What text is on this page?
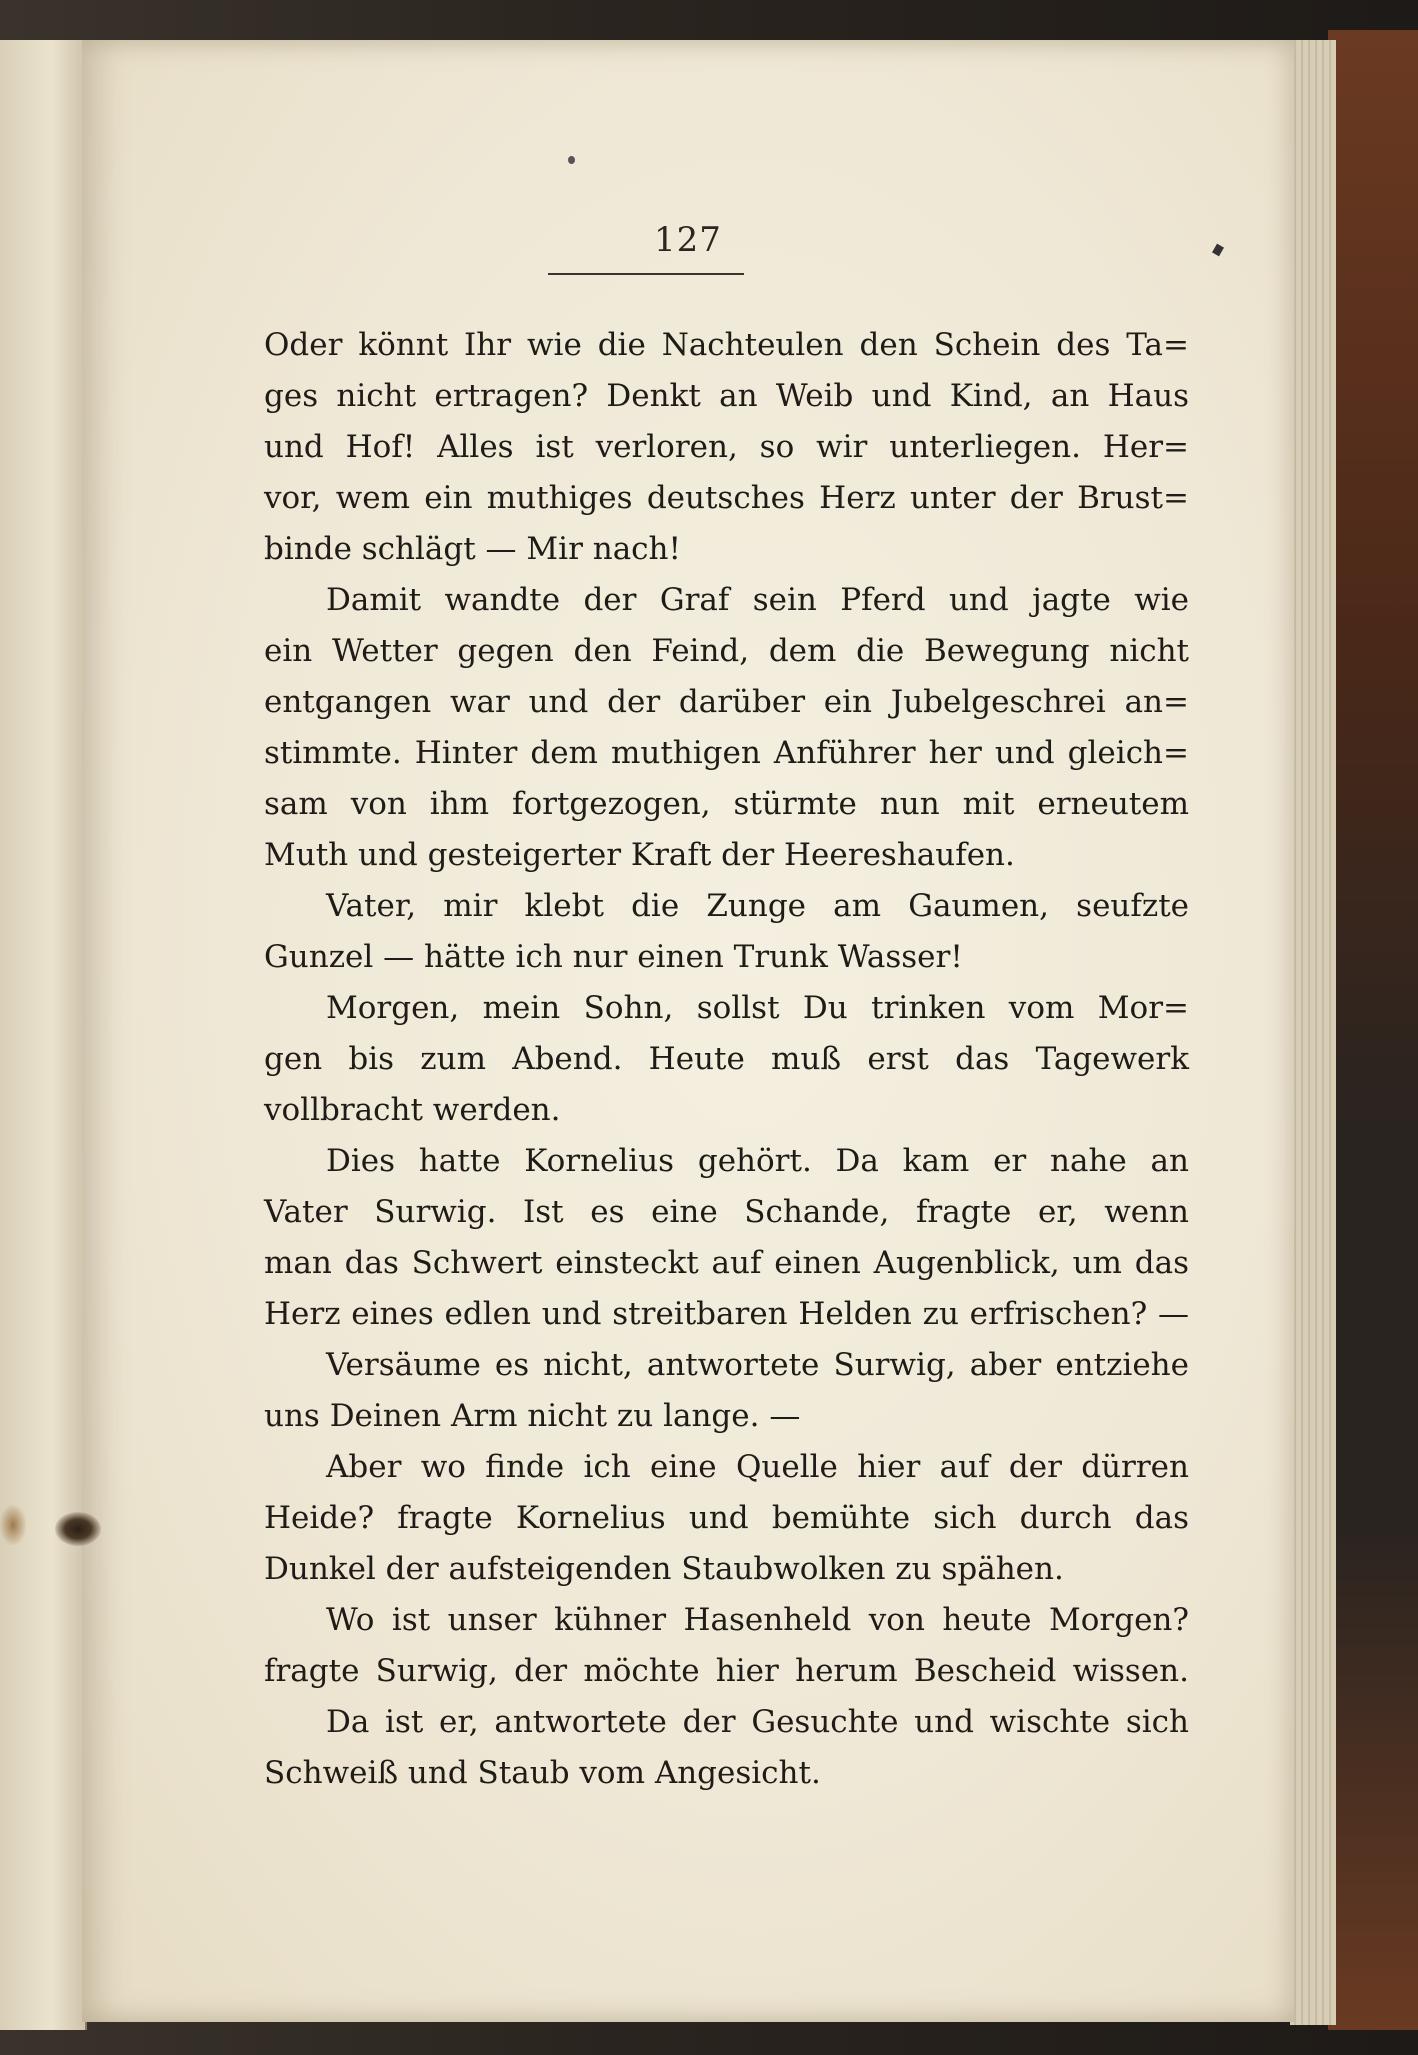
127
Oder könnt Ihr wie die Nachteulen den Schein des Ta=
ges nicht ertragen? Denkt an Weib und Kind, an Haus
und Hof! Alles ist verloren, so wir unterliegen. Her=
vor, wem ein muthiges deutsches Herz unter der Brust=
binde schlägt — Mir nach!
Damit wandte der Graf sein Pferd und jagte wie
ein Wetter gegen den Feind, dem die Bewegung nicht
entgangen war und der darüber ein Jubelgeschrei an=
stimmte. Hinter dem muthigen Anführer her und gleich=
sam von ihm fortgezogen, stürmte nun mit erneutem
Muth und gesteigerter Kraft der Heereshaufen.
Vater, mir klebt die Zunge am Gaumen, seufzte
Gunzel — hätte ich nur einen Trunk Wasser!
Morgen, mein Sohn, sollst Du trinken vom Mor=
gen bis zum Abend. Heute muß erst das Tagewerk
vollbracht werden.
Dies hatte Kornelius gehört. Da kam er nahe an
Vater Surwig. Ist es eine Schande, fragte er, wenn
man das Schwert einsteckt auf einen Augenblick, um das
Herz eines edlen und streitbaren Helden zu erfrischen? —
Versäume es nicht, antwortete Surwig, aber entziehe
uns Deinen Arm nicht zu lange. —
Aber wo finde ich eine Quelle hier auf der dürren
Heide? fragte Kornelius und bemühte sich durch das
Dunkel der aufsteigenden Staubwolken zu spähen.
Wo ist unser kühner Hasenheld von heute Morgen?
fragte Surwig, der möchte hier herum Bescheid wissen.
Da ist er, antwortete der Gesuchte und wischte sich
Schweiß und Staub vom Angesicht.
